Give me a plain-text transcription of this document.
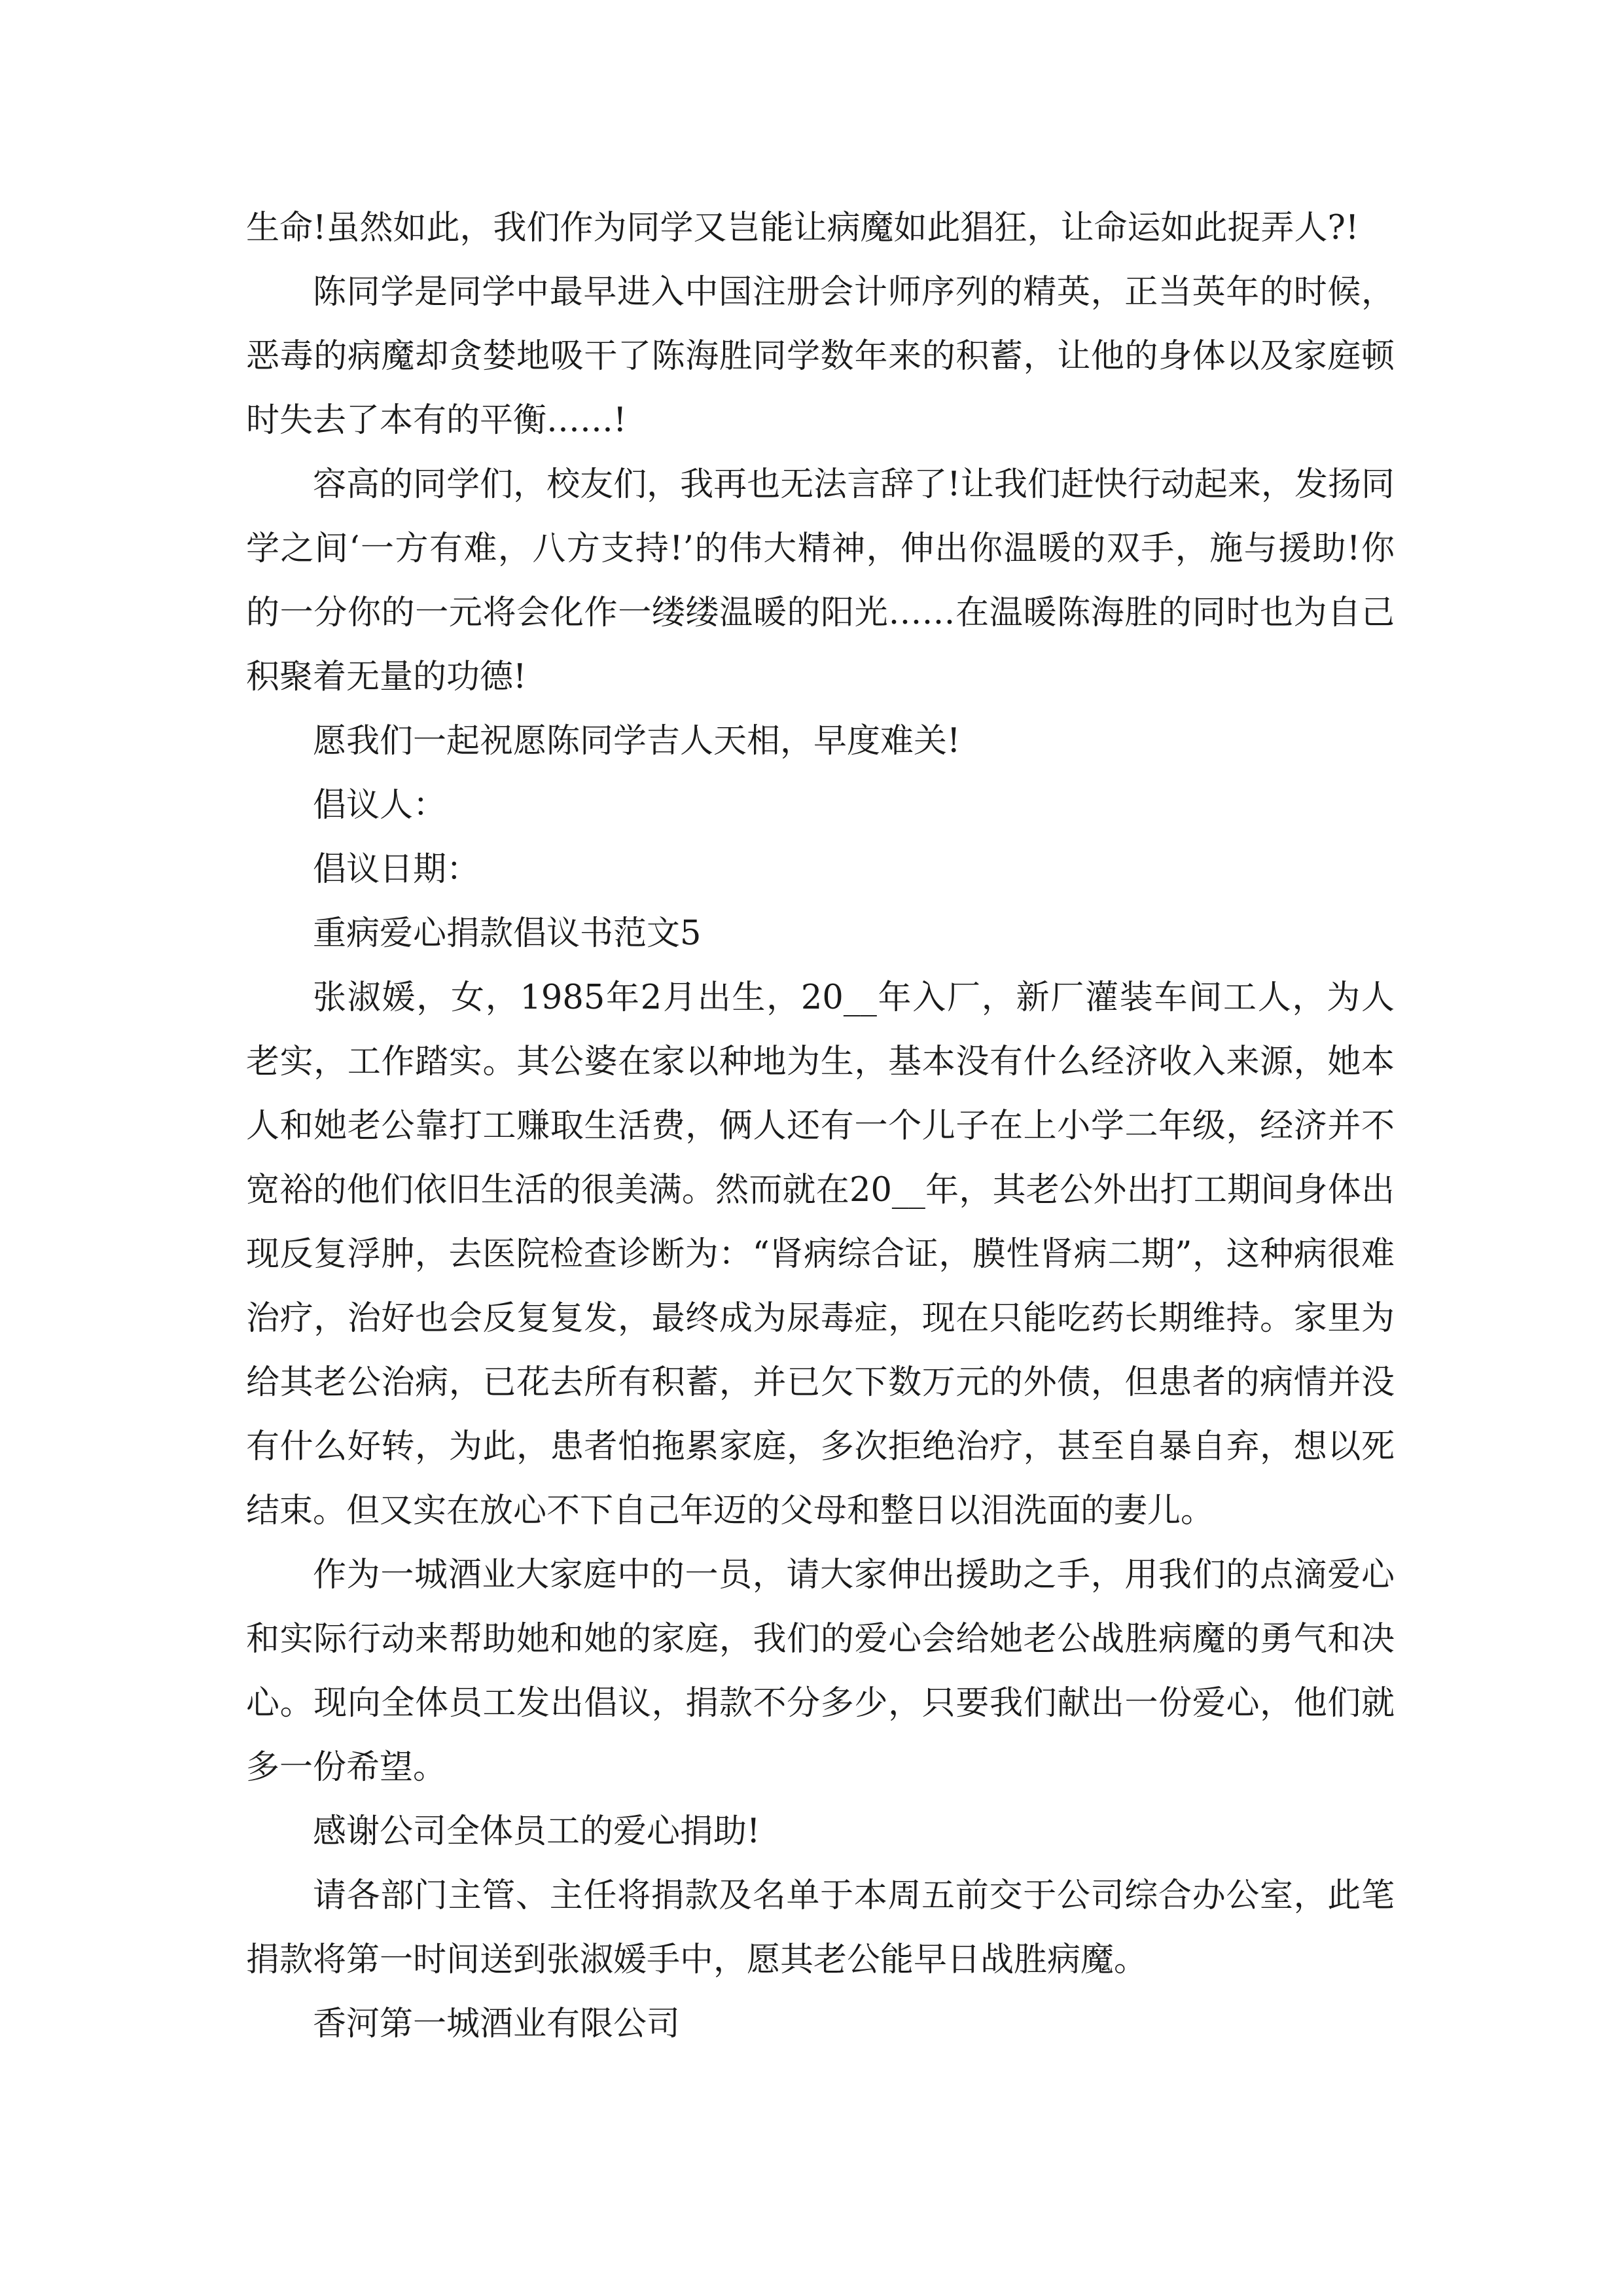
生命!虽然如此，我们作为同学又岂能让病魔如此猖狂，让命运如此捉弄人?!

陈同学是同学中最早进入中国注册会计师序列的精英，正当英年的时候，恶毒的病魔却贪婪地吸干了陈海胜同学数年来的积蓄，让他的身体以及家庭顿时失去了本有的平衡……!

容高的同学们，校友们，我再也无法言辞了!让我们赶快行动起来，发扬同学之间‘一方有难，八方支持!’的伟大精神，伸出你温暖的双手，施与援助!你的一分你的一元将会化作一缕缕温暖的阳光……在温暖陈海胜的同时也为自己积聚着无量的功德!

愿我们一起祝愿陈同学吉人天相，早度难关!

倡议人：

倡议日期：

重病爱心捐款倡议书范文5

张淑媛，女，1985年2月出生，20__年入厂，新厂灌装车间工人，为人老实，工作踏实。其公婆在家以种地为生，基本没有什么经济收入来源，她本人和她老公靠打工赚取生活费，俩人还有一个儿子在上小学二年级，经济并不宽裕的他们依旧生活的很美满。然而就在20__年，其老公外出打工期间身体出现反复浮肿，去医院检查诊断为：“肾病综合证，膜性肾病二期”，这种病很难治疗，治好也会反复复发，最终成为尿毒症，现在只能吃药长期维持。家里为给其老公治病，已花去所有积蓄，并已欠下数万元的外债，但患者的病情并没有什么好转，为此，患者怕拖累家庭，多次拒绝治疗，甚至自暴自弃，想以死结束。但又实在放心不下自己年迈的父母和整日以泪洗面的妻儿。

作为一城酒业大家庭中的一员，请大家伸出援助之手，用我们的点滴爱心和实际行动来帮助她和她的家庭，我们的爱心会给她老公战胜病魔的勇气和决心。现向全体员工发出倡议，捐款不分多少，只要我们献出一份爱心，他们就多一份希望。

感谢公司全体员工的爱心捐助!

请各部门主管、主任将捐款及名单于本周五前交于公司综合办公室，此笔捐款将第一时间送到张淑媛手中，愿其老公能早日战胜病魔。

香河第一城酒业有限公司
